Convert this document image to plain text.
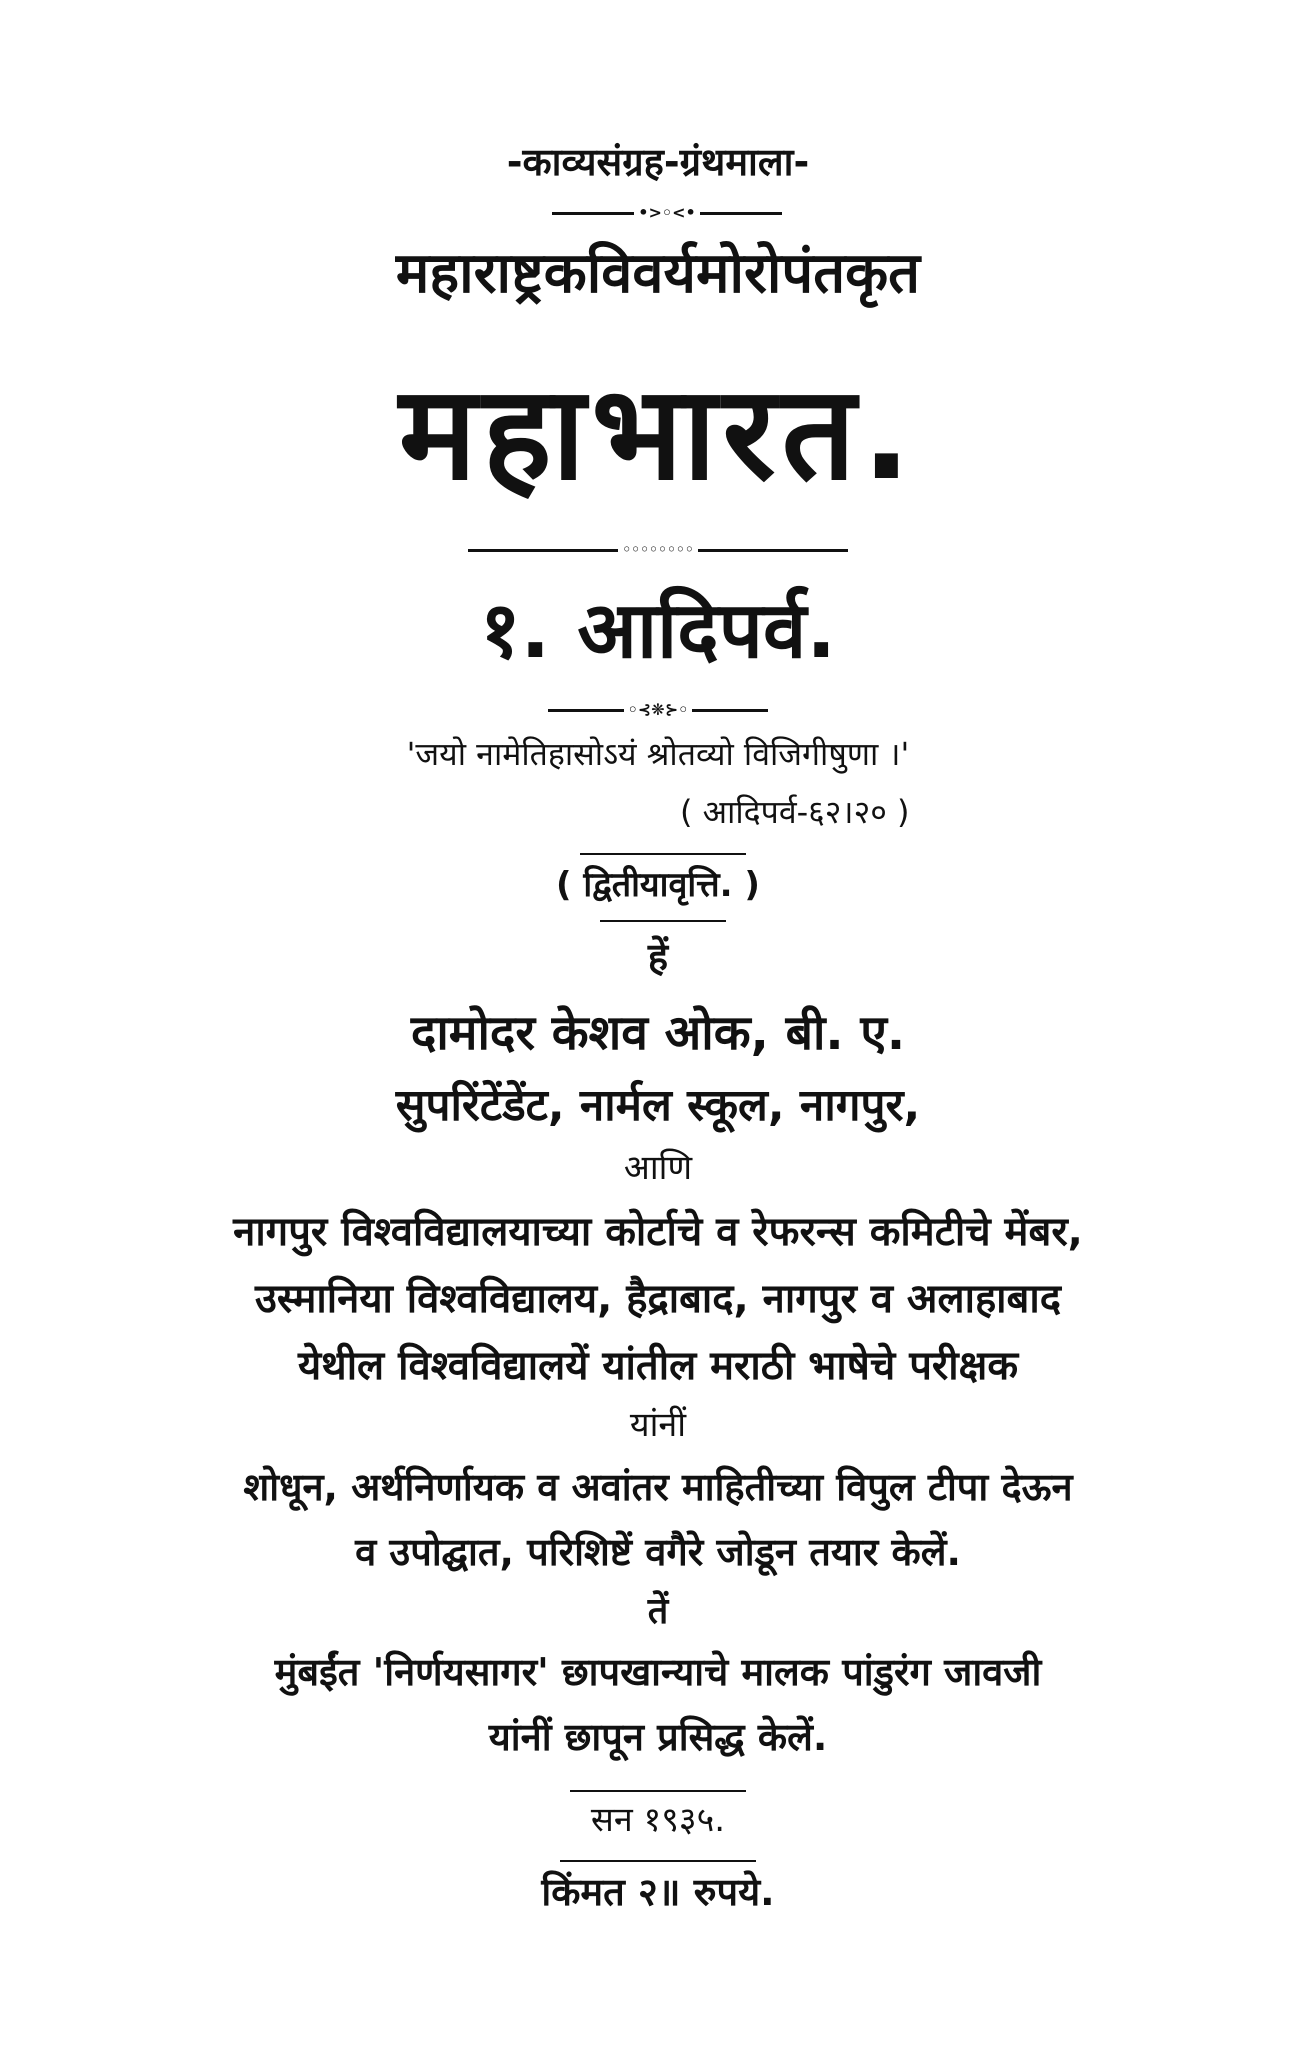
-काव्यसंग्रह-ग्रंथमाला-
•>◦<•
महाराष्ट्रकविवर्यमोरोपंतकृत
महाभारत.
◦◦◦◦◦◦◦◦
१. आदिपर्व.
◦⊰❋⊱◦
'जयो नामेतिहासोऽयं श्रोतव्यो विजिगीषुणा ।'
( आदिपर्व-६२।२० )
( द्वितीयावृत्ति. )
हें
दामोदर केशव ओक, बी. ए.
सुपरिंटेंडेंट, नार्मल स्कूल, नागपुर,
आणि
नागपुर विश्वविद्यालयाच्या कोर्टाचे व रेफरन्स कमिटीचे मेंबर,
उस्मानिया विश्वविद्यालय, हैद्राबाद, नागपुर व अलाहाबाद
येथील विश्वविद्यालयें यांतील मराठी भाषेचे परीक्षक
यांनीं
शोधून, अर्थनिर्णायक व अवांतर माहितीच्या विपुल टीपा देऊन
व उपोद्घात, परिशिष्टें वगैरे जोडून तयार केलें.
तें
मुंबईंत 'निर्णयसागर' छापखान्याचे मालक पांडुरंग जावजी
यांनीं छापून प्रसिद्ध केलें.
सन १९३५.
किंमत २॥ रुपये.
